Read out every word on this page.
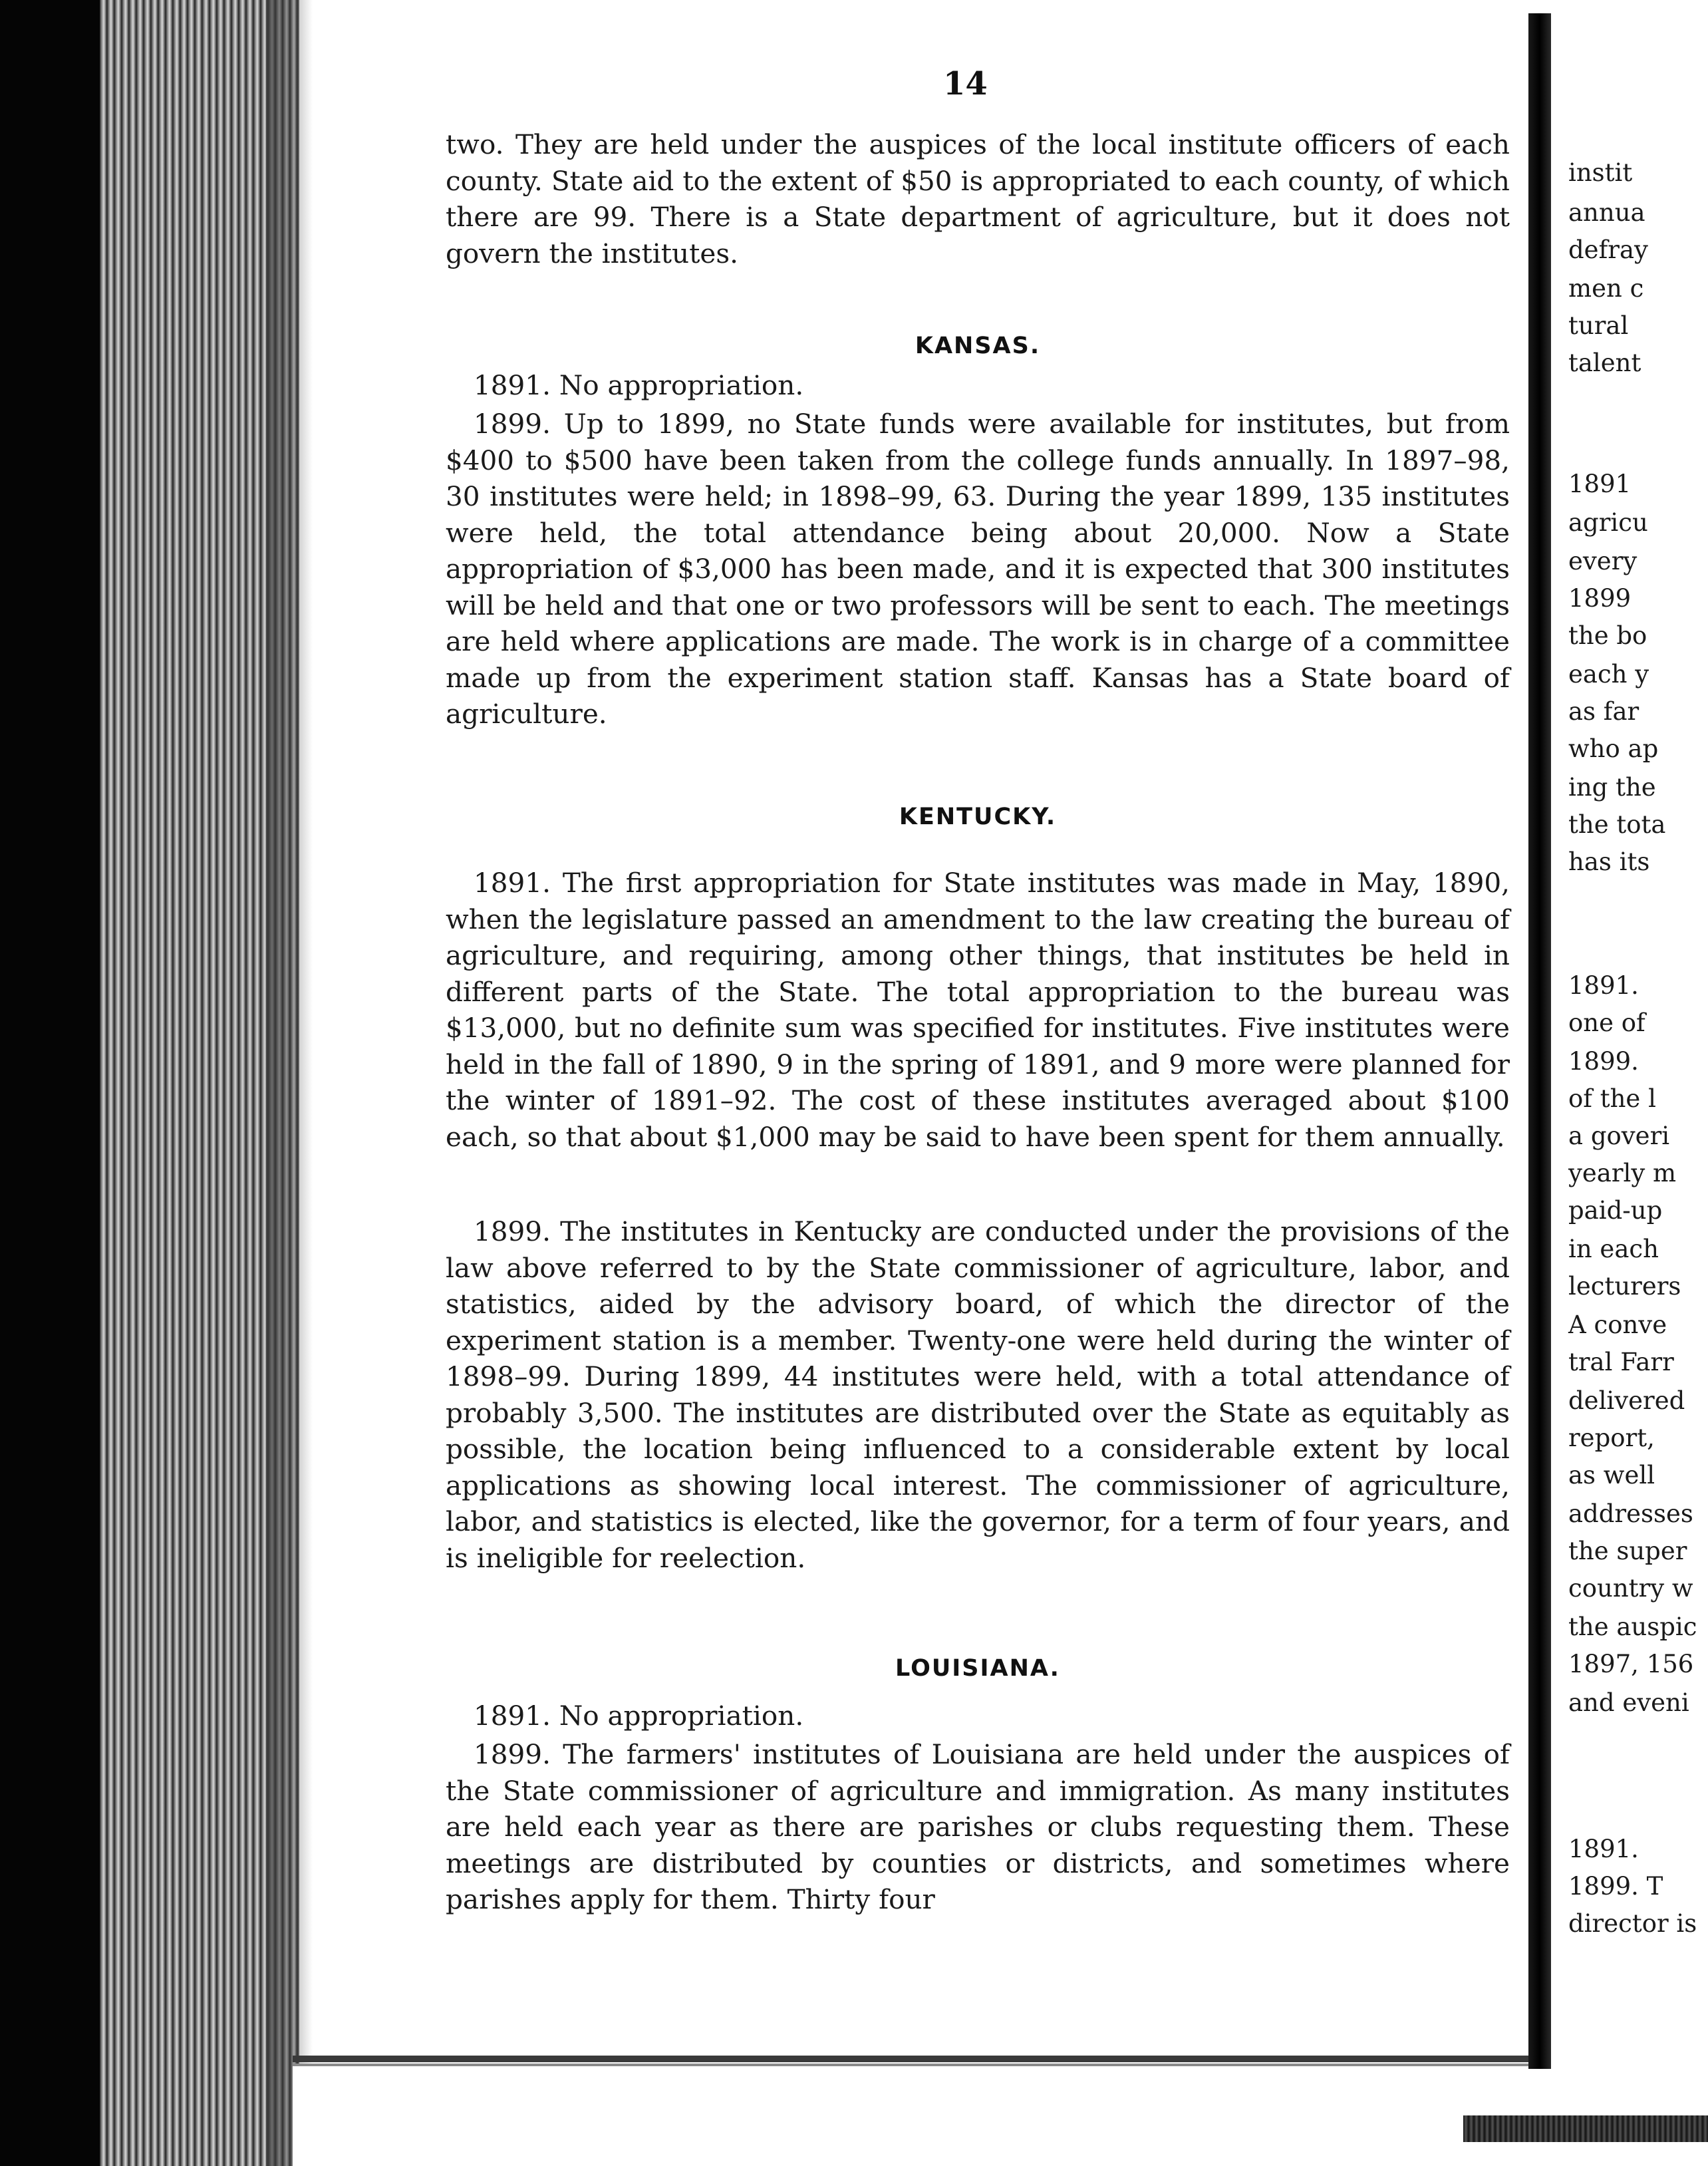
14

two. They are held under the auspices of the local institute officers of each county. State aid to the extent of $50 is appropriated to each county, of which there are 99. There is a State department of agriculture, but it does not govern the institutes.

KANSAS.

1891. No appropriation.

1899. Up to 1899, no State funds were available for institutes, but from $400 to $500 have been taken from the college funds annually. In 1897–98, 30 institutes were held; in 1898–99, 63. During the year 1899, 135 institutes were held, the total attendance being about 20,000. Now a State appropriation of $3,000 has been made, and it is expected that 300 institutes will be held and that one or two professors will be sent to each. The meetings are held where applications are made. The work is in charge of a committee made up from the experiment station staff. Kansas has a State board of agriculture.

KENTUCKY.

1891. The first appropriation for State institutes was made in May, 1890, when the legislature passed an amendment to the law creating the bureau of agriculture, and requiring, among other things, that institutes be held in different parts of the State. The total appropriation to the bureau was $13,000, but no definite sum was specified for institutes. Five institutes were held in the fall of 1890, 9 in the spring of 1891, and 9 more were planned for the winter of 1891–92. The cost of these institutes averaged about $100 each, so that about $1,000 may be said to have been spent for them annually.

1899. The institutes in Kentucky are conducted under the provisions of the law above referred to by the State commissioner of agriculture, labor, and statistics, aided by the advisory board, of which the director of the experiment station is a member. Twenty-one were held during the winter of 1898–99. During 1899, 44 institutes were held, with a total attendance of probably 3,500. The institutes are distributed over the State as equitably as possible, the location being influenced to a considerable extent by local applications as showing local interest. The commissioner of agriculture, labor, and statistics is elected, like the governor, for a term of four years, and is ineligible for reelection.

LOUISIANA.

1891. No appropriation.

1899. The farmers' institutes of Louisiana are held under the auspices of the State commissioner of agriculture and immigration. As many institutes are held each year as there are parishes or clubs requesting them. These meetings are distributed by counties or districts, and sometimes where parishes apply for them. Thirty four

instit
annua
defray
men c
tural
talent
1891
agricu
every
1899
the bo
each y
as far
who ap
ing the
the tota
has its
1891.
one of
1899.
of the l
a goveri
yearly m
paid-up
in each
lecturers
A conve
tral Farr
delivered
report,
as well
addresses
the super
country w
the auspic
1897, 156
and eveni
1891.
1899. T
director is
